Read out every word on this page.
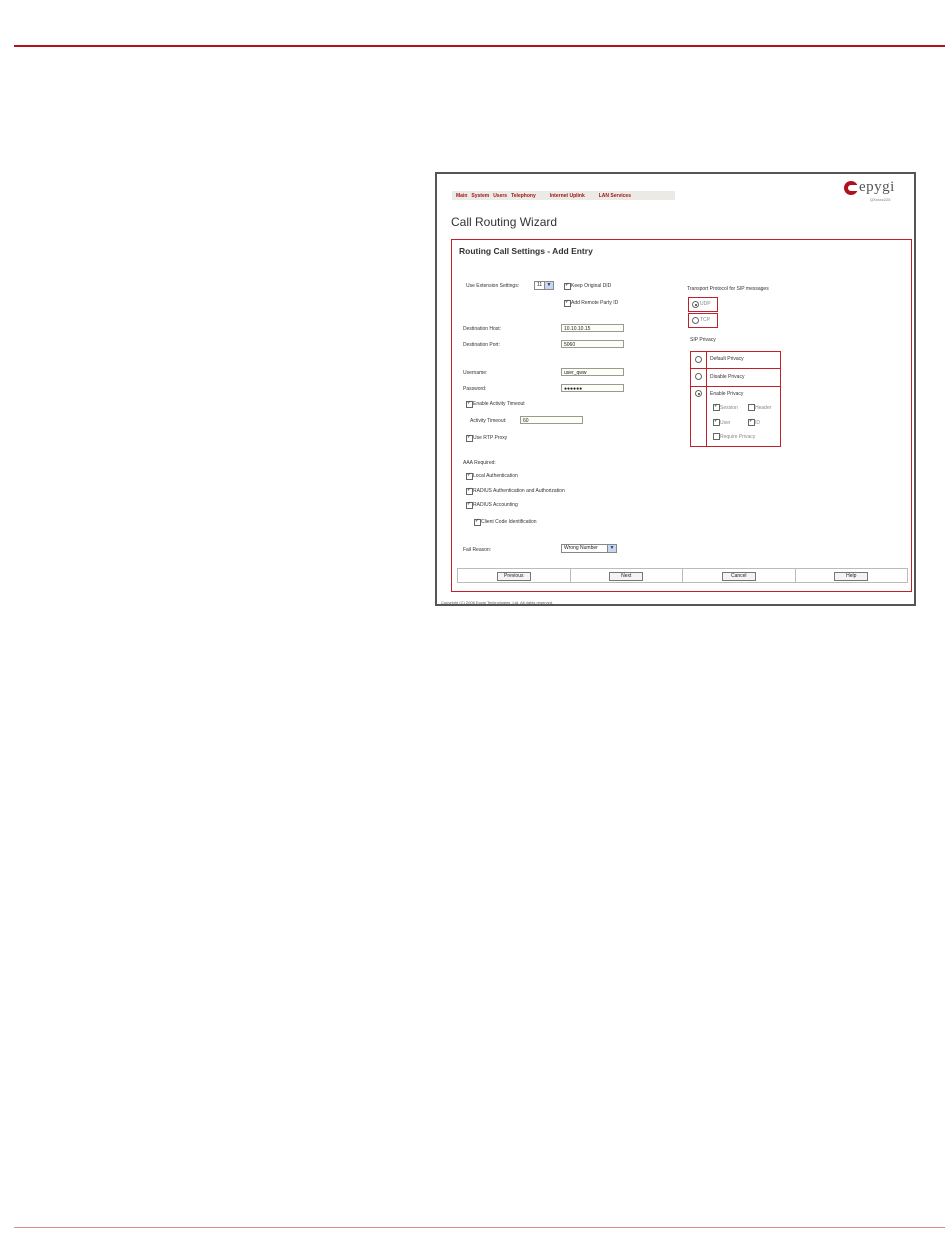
Main System Users Telephony	Internet Uplink	LAN Services
epygi
QXxxxx225
Call Routing Wizard
Routing Call Settings - Add Entry
Use Extension Settings:	11 ▼ ✓	Keep Original DID
✓
Add Remote Party ID
Destination Host:	10.10.10.15
Destination Port:	5060
Username:	user_qww
Password:	●●●●●●
✓
Enable Activity Timeout
Activity Timeout:	60
✓
Use RTP Proxy
AAA Required:
✓
Local Authentication
✓
RADIUS Authentication and Authorization
✓
RADIUS Accounting
✓
Client Code Identification
Fail Reason:	Wrong Number	▼
Transport Protocol for SIP messages
UDP
TCP
SIP Privacy
Default Privacy
Disable Privacy
Enable Privacy
✓
Session	Header
✓
User ✓	ID
Require Privacy
Previous	Next	Cancel	Help
Copyright (C) 2006 Epygi Technologies, Ltd. All rights reserved.
